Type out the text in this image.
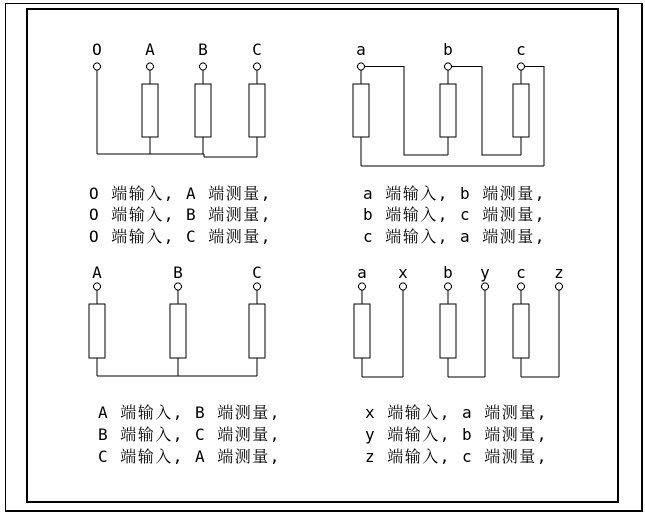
O	A	B	C	a	b	c
A	B	C	a	x	b	y	c	z
O 端输入, A 端测量,
O 端输入, B 端测量,
O 端输入, C 端测量,
a 端输入, b 端测量,
b 端输入, c 端测量,
c 端输入, a 端测量,
A 端输入, B 端测量,
B 端输入, C 端测量,
C 端输入, A 端测量,
x 端输入, a 端测量,
y 端输入, b 端测量,
z 端输入, c 端测量,
